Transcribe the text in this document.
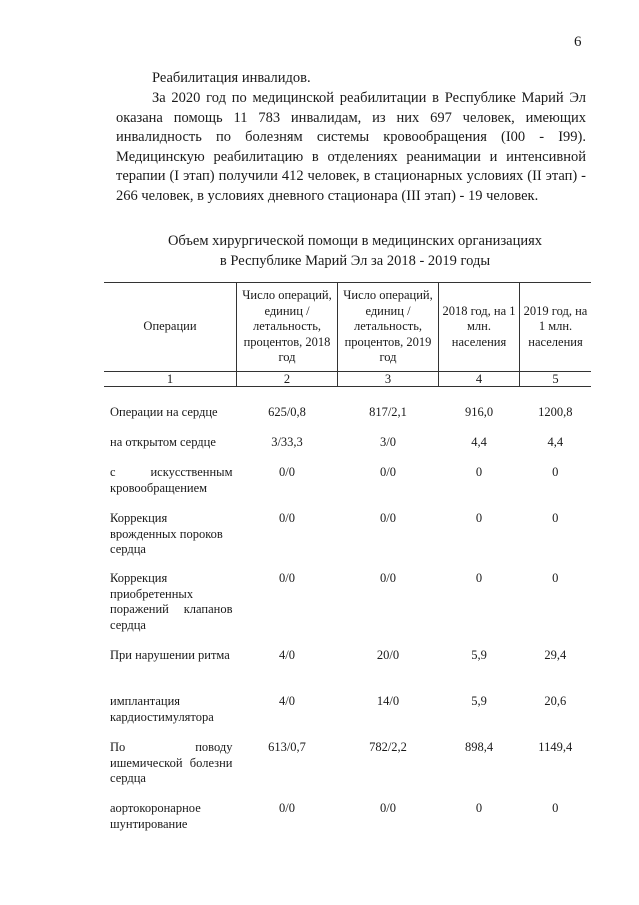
6
Реабилитация инвалидов.

За 2020 год по медицинской реабилитации в Республике Марий Эл оказана помощь 11 783 инвалидам, из них 697 человек, имеющих инвалидность по болезням системы кровообращения (I00 - I99). Медицинскую реабилитацию в отделениях реанимации и интенсивной терапии (I этап) получили 412 человек, в стационарных условиях (II этап) - 266 человек, в условиях дневного стационара (III этап) - 19 человек.

Объем хирургической помощи в медицинских организациях
в Республике Марий Эл за 2018 - 2019 годы
Операции	Число операций, единиц / летальность, процентов, 2018 год	Число операций, единиц / летальность, процентов, 2019 год	2018 год, на 1 млн. населения	2019 год, на 1 млн. населения
1	2	3	4	5
Операции на сердце	625/0,8	817/2,1	916,0	1200,8
на открытом сердце	3/33,3	3/0	4,4	4,4
с искусственным кровообращением	0/0	0/0	0	0
Коррекция врожденных пороков сердца	0/0	0/0	0	0
Коррекция приобретенных поражений клапанов сердца	0/0	0/0	0	0
При нарушении ритма	4/0	20/0	5,9	29,4
имплантация кардиостимулятора	4/0	14/0	5,9	20,6
По поводу ишемической болезни сердца	613/0,7	782/2,2	898,4	1149,4
аортокоронарное шунтирование	0/0	0/0	0	0
